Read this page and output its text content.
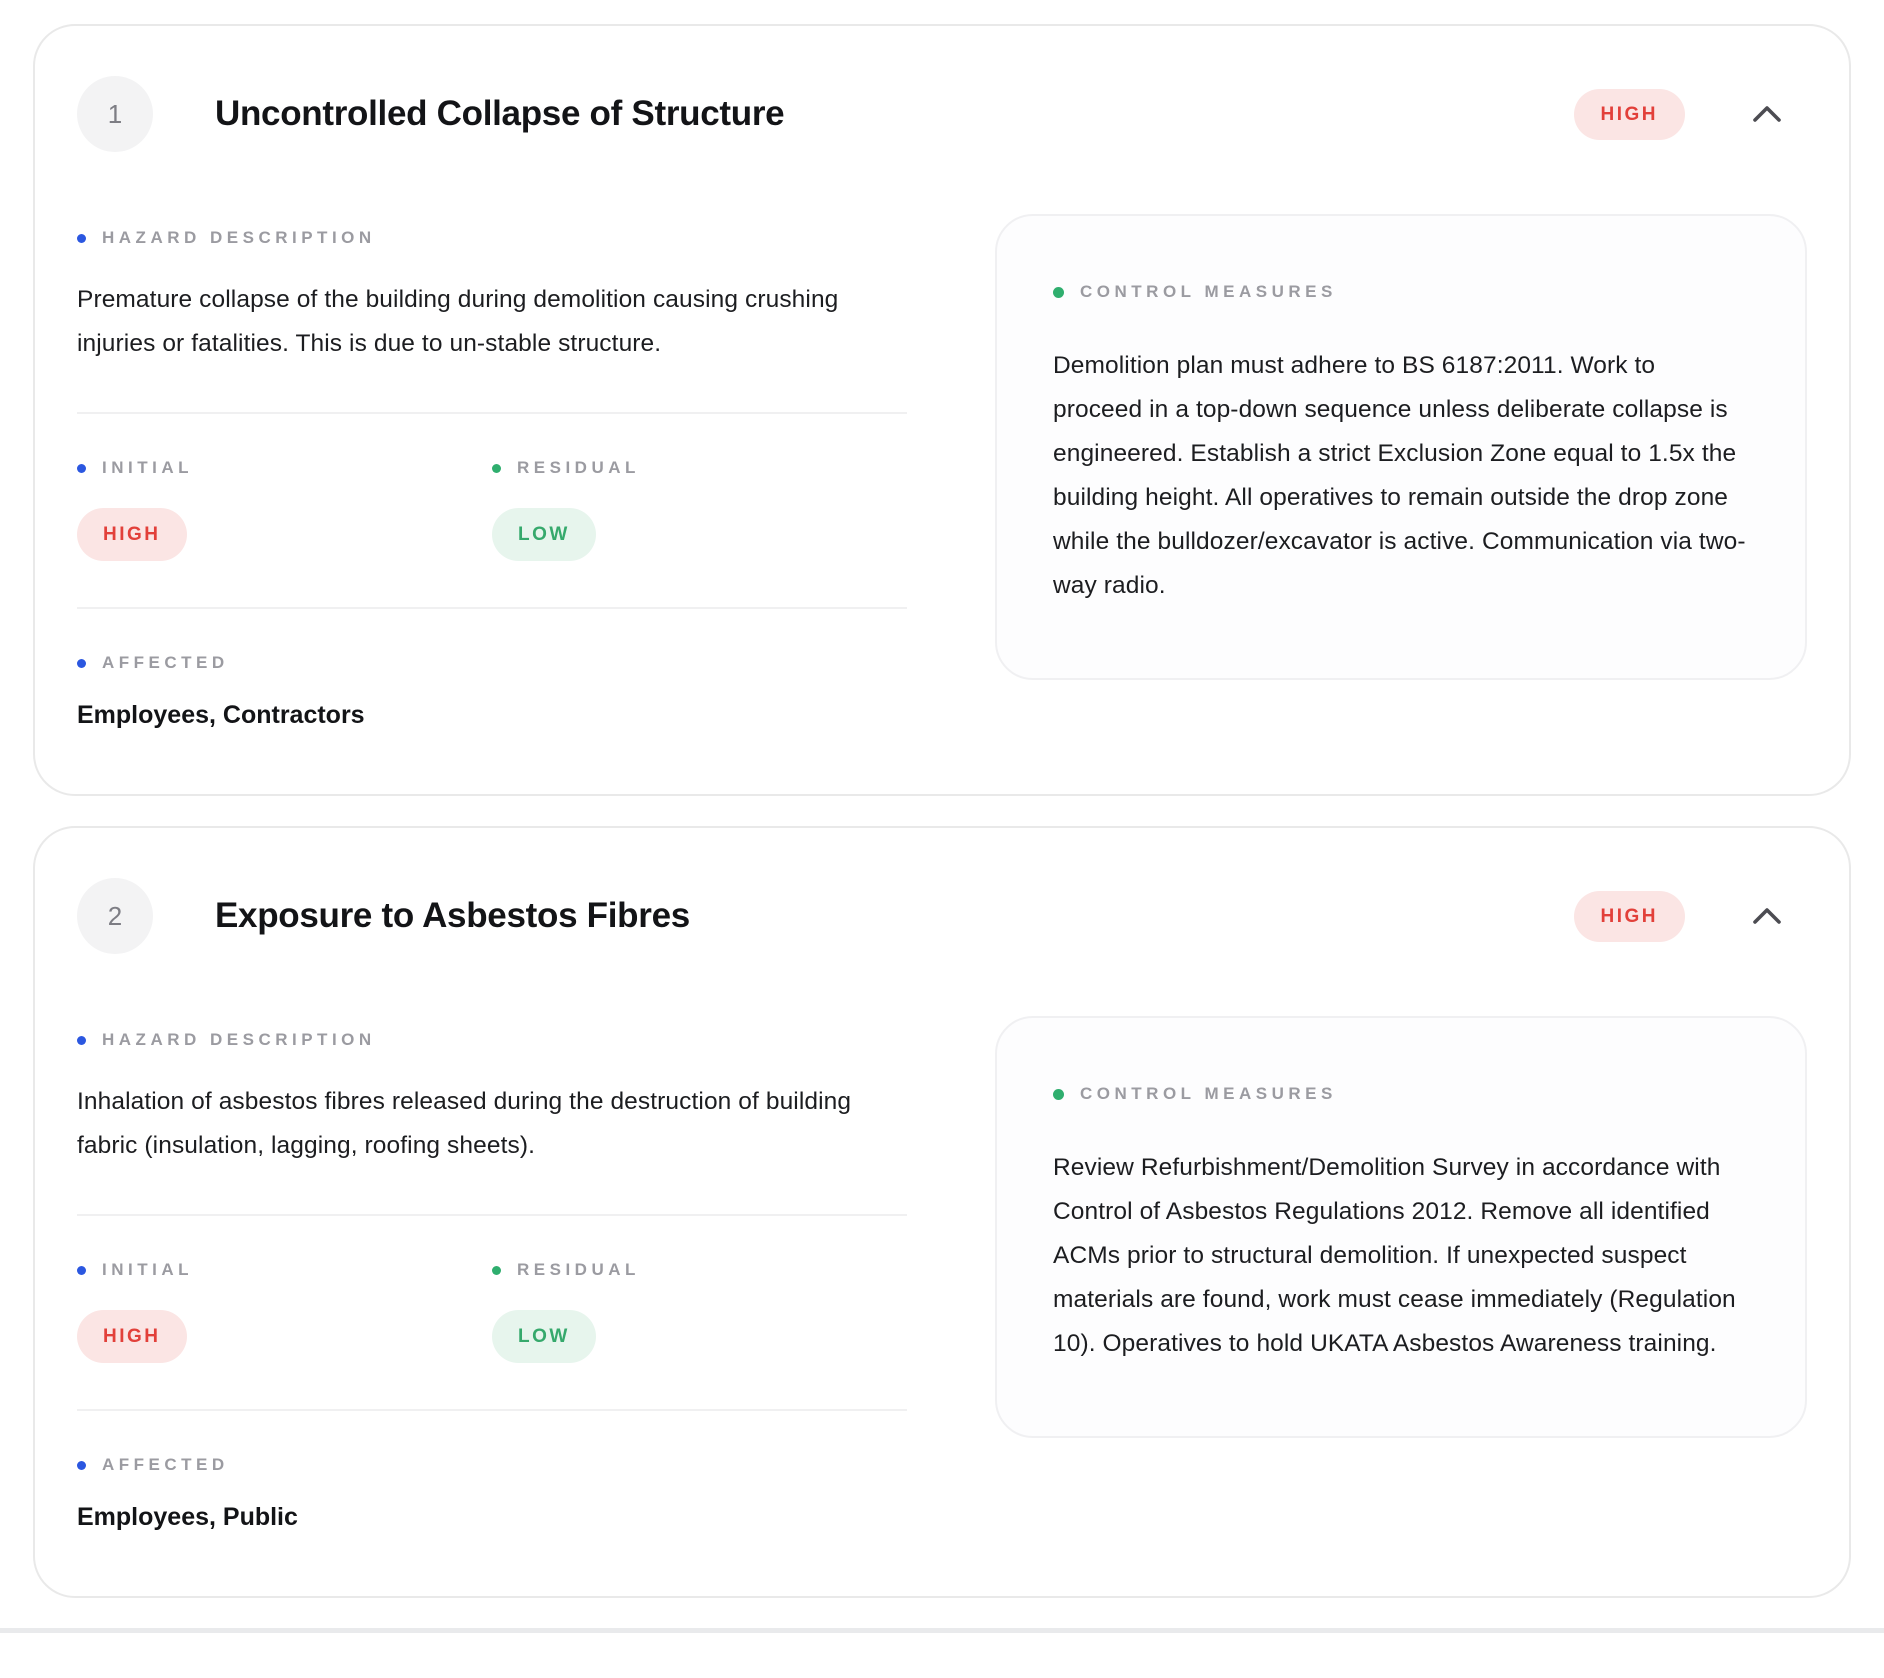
1	Uncontrolled Collapse of Structure	HIGH
HAZARD DESCRIPTION

Premature collapse of the building during demolition causing crushing injuries or fatalities. This is due to un-stable structure.

INITIAL
HIGH
RESIDUAL
LOW
AFFECTED

Employees, Contractors

CONTROL MEASURES

Demolition plan must adhere to BS 6187:2011. Work to proceed in a top-down sequence unless deliberate collapse is engineered. Establish a strict Exclusion Zone equal to 1.5x the building height. All operatives to remain outside the drop zone while the bulldozer/excavator is active. Communication via two-way radio.

2	Exposure to Asbestos Fibres	HIGH
HAZARD DESCRIPTION

Inhalation of asbestos fibres released during the destruction of building fabric (insulation, lagging, roofing sheets).

INITIAL
HIGH
RESIDUAL
LOW
AFFECTED

Employees, Public

CONTROL MEASURES

Review Refurbishment/Demolition Survey in accordance with Control of Asbestos Regulations 2012. Remove all identified ACMs prior to structural demolition. If unexpected suspect materials are found, work must cease immediately (Regulation 10). Operatives to hold UKATA Asbestos Awareness training.
